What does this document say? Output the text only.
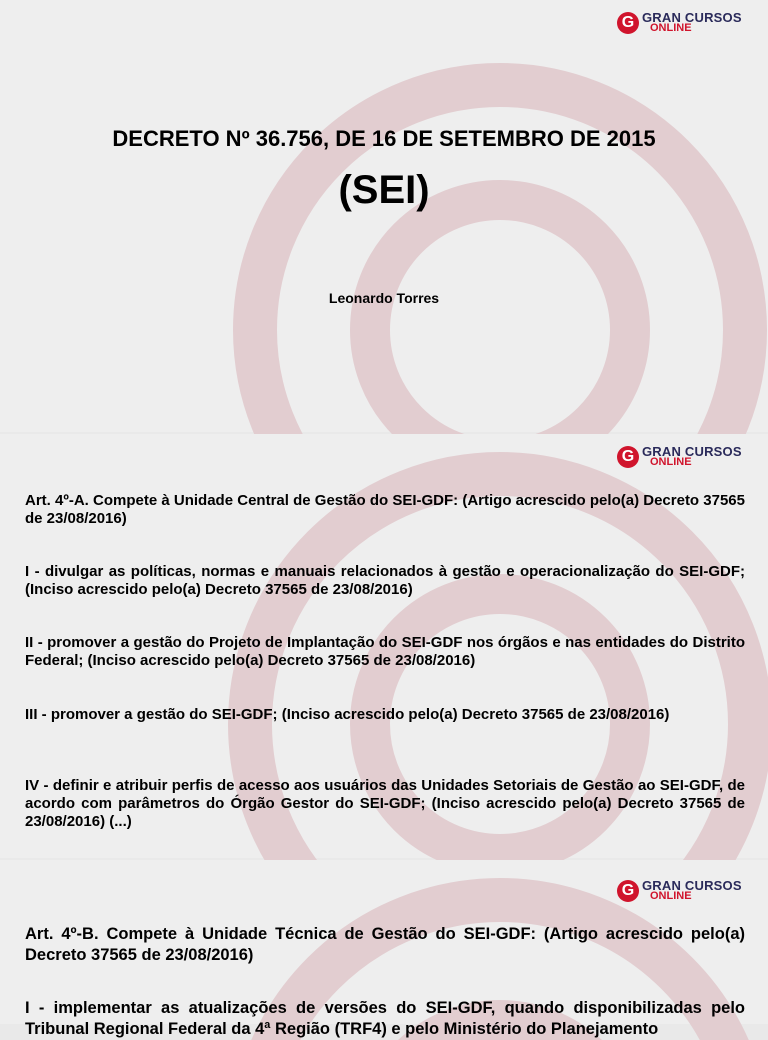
G GRAN CURSOS
ONLINE
DECRETO Nº 36.756, DE 16 DE SETEMBRO DE 2015
(SEI)
Leonardo Torres
G GRAN CURSOS
ONLINE

Art. 4º-A. Compete à Unidade Central de Gestão do SEI-GDF: (Artigo acrescido pelo(a) Decreto 37565 de 23/08/2016)

I - divulgar as políticas, normas e manuais relacionados à gestão e operacionalização do SEI-GDF; (Inciso acrescido pelo(a) Decreto 37565 de 23/08/2016)

II - promover a gestão do Projeto de Implantação do SEI-GDF nos órgãos e nas entidades do Distrito Federal; (Inciso acrescido pelo(a) Decreto 37565 de 23/08/2016)

III - promover a gestão do SEI-GDF; (Inciso acrescido pelo(a) Decreto 37565 de 23/08/2016)

IV - definir e atribuir perfis de acesso aos usuários das Unidades Setoriais de Gestão ao SEI-GDF, de acordo com parâmetros do Órgão Gestor do SEI-GDF; (Inciso acrescido pelo(a) Decreto 37565 de 23/08/2016) (...)

G GRAN CURSOS
ONLINE

Art. 4º-B. Compete à Unidade Técnica de Gestão do SEI-GDF: (Artigo acrescido pelo(a) Decreto 37565 de 23/08/2016)

I - implementar as atualizações de versões do SEI-GDF, quando disponibilizadas pelo Tribunal Regional Federal da 4ª Região (TRF4) e pelo Ministério do Planejamento
